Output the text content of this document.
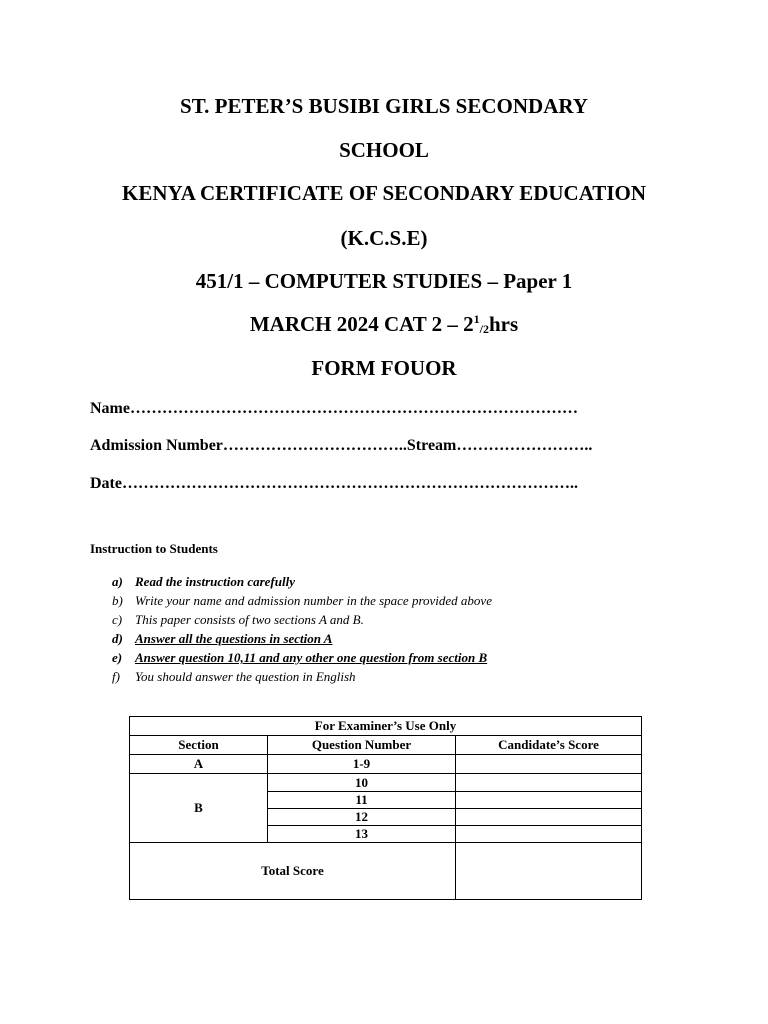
ST. PETER’S BUSIBI GIRLS SECONDARY
SCHOOL
KENYA CERTIFICATE OF SECONDARY EDUCATION
(K.C.S.E)
451/1 – COMPUTER STUDIES – Paper 1
MARCH 2024 CAT $2 - 2^1_{/2}hrs$
FORM FOUOR
Name…………………………………………………………………………
Admission Number……………………………..Stream……………………..
Date…………………………………………………………………………..
Instruction to Students
a) Read the instruction carefully
b) Write your name and admission number in the space provided above
c) This paper consists of two sections A and B.
d) Answer all the questions in section A
e) Answer question 10,11 and any other one question from section B
f) You should answer the question in English
For Examiner’s Use Only		
Section	Question Number	Candidate’s Score
A	1-9	
B	10	
	11	
	12	
	13	
Total Score		
